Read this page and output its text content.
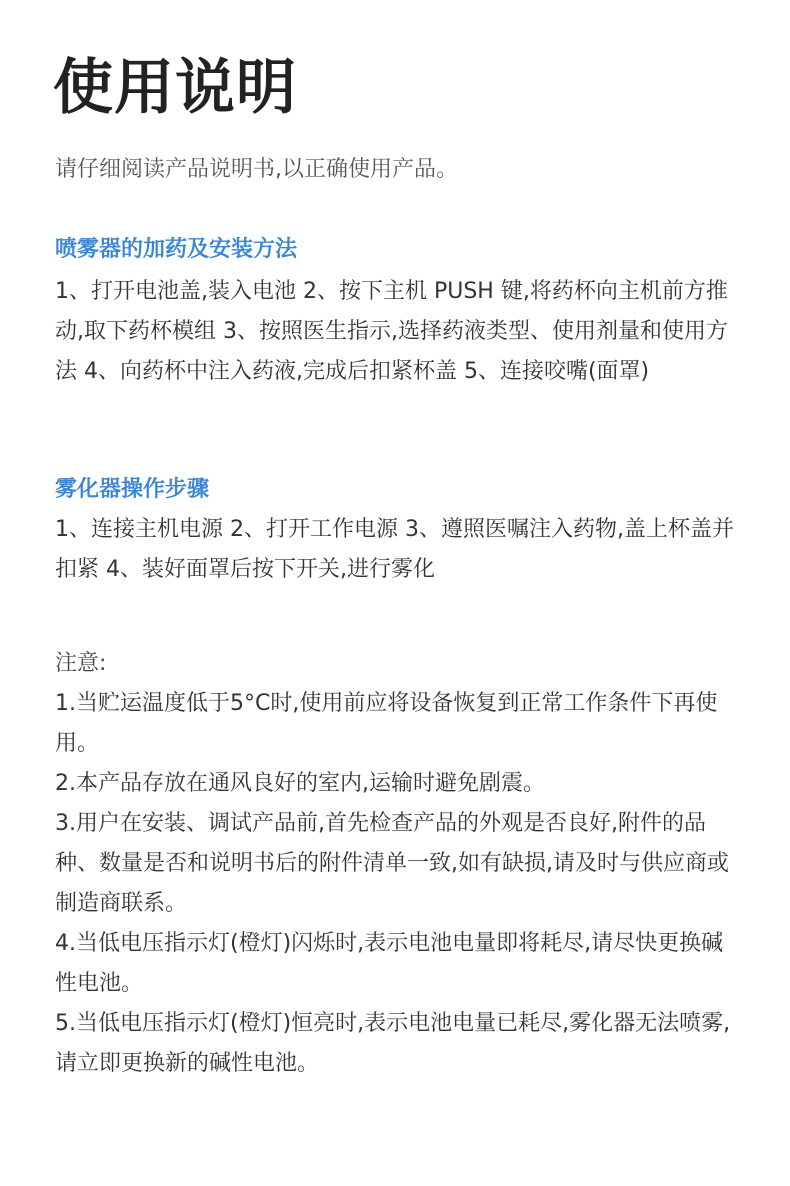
使用说明

请仔细阅读产品说明书,以正确使用产品。

喷雾器的加药及安装方法

1、打开电池盖,装入电池 2、按下主机 PUSH 键,将药杯向主机前方推动,取下药杯模组 3、按照医生指示,选择药液类型、使用剂量和使用方法 4、向药杯中注入药液,完成后扣紧杯盖 5、连接咬嘴(面罩)

雾化器操作步骤

1、连接主机电源 2、打开工作电源 3、遵照医嘱注入药物,盖上杯盖并扣紧 4、装好面罩后按下开关,进行雾化

注意:

1.当贮运温度低于5°C时,使用前应将设备恢复到正常工作条件下再使用。
2.本产品存放在通风良好的室内,运输时避免剧震。
3.用户在安装、调试产品前,首先检查产品的外观是否良好,附件的品种、数量是否和说明书后的附件清单一致,如有缺损,请及时与供应商或制造商联系。
4.当低电压指示灯(橙灯)闪烁时,表示电池电量即将耗尽,请尽快更换碱性电池。
5.当低电压指示灯(橙灯)恒亮时,表示电池电量已耗尽,雾化器无法喷雾,请立即更换新的碱性电池。
